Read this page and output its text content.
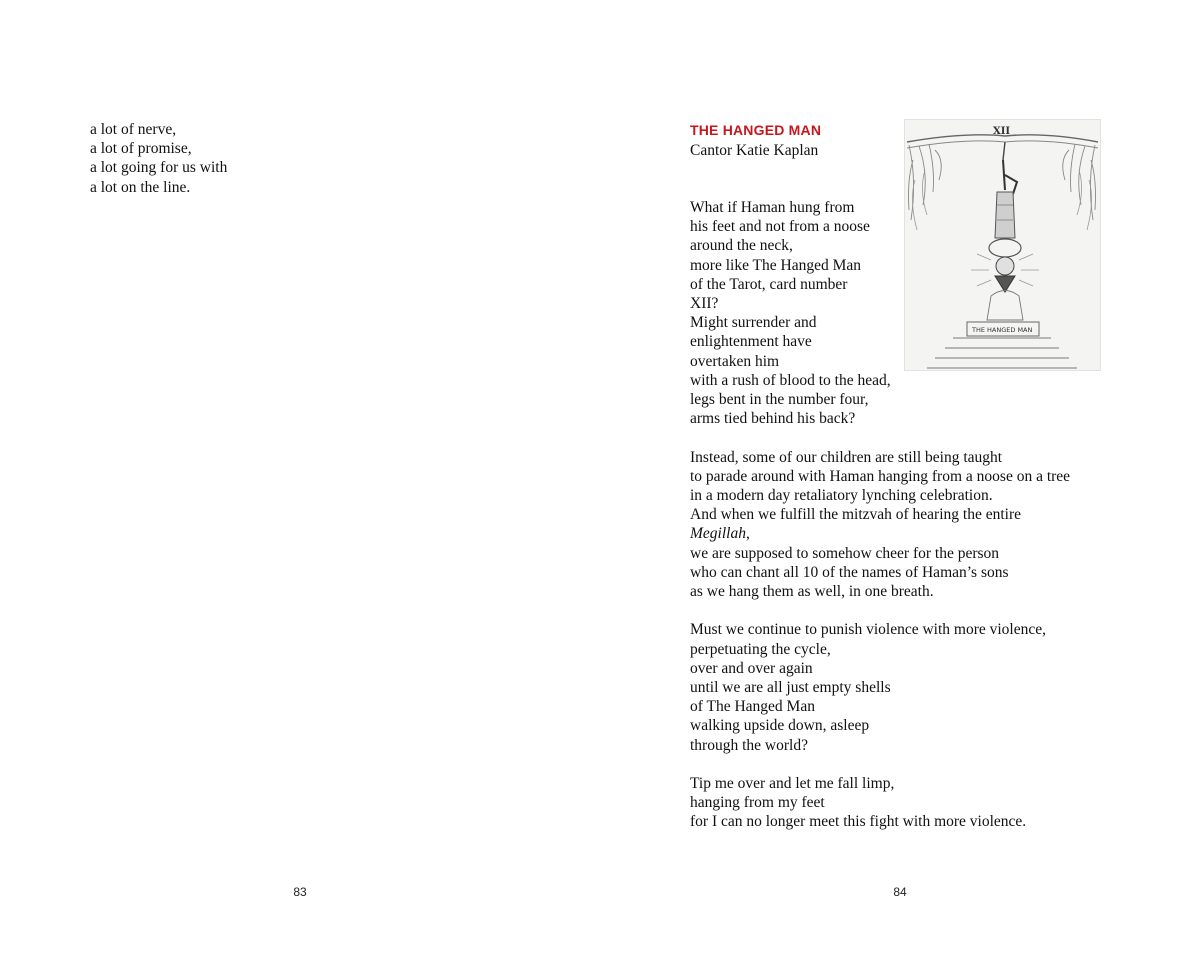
a lot of nerve,
a lot of promise,
a lot going for us with
a lot on the line.
83
THE HANGED MAN
Cantor Katie Kaplan
XII
THE HANGED MAN
What if Haman hung from
his feet and not from a noose
around the neck,
more like The Hanged Man
of the Tarot, card number
XII?
Might surrender and
enlightenment have
overtaken him
with a rush of blood to the head,
legs bent in the number four,
arms tied behind his back?
Instead, some of our children are still being taught
to parade around with Haman hanging from a noose on a tree
in a modern day retaliatory lynching celebration.
And when we fulfill the mitzvah of hearing the entire
Megillah,
we are supposed to somehow cheer for the person
who can chant all 10 of the names of Haman’s sons
as we hang them as well, in one breath.
Must we continue to punish violence with more violence,
perpetuating the cycle,
over and over again
until we are all just empty shells
of The Hanged Man
walking upside down, asleep
through the world?
Tip me over and let me fall limp,
hanging from my feet
for I can no longer meet this fight with more violence.
84
